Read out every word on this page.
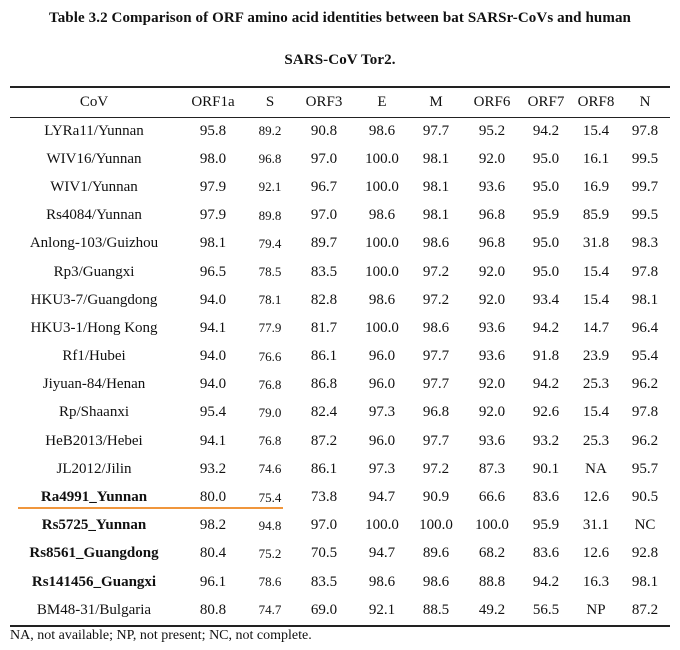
Table 3.2 Comparison of ORF amino acid identities between bat SARSr-CoVs and human
SARS-CoV Tor2.
CoV	ORF1a	S	ORF3	E	M	ORF6	ORF7	ORF8	N
LYRa11/Yunnan	95.8	89.2	90.8	98.6	97.7	95.2	94.2	15.4	97.8
WIV16/Yunnan	98.0	96.8	97.0	100.0	98.1	92.0	95.0	16.1	99.5
WIV1/Yunnan	97.9	92.1	96.7	100.0	98.1	93.6	95.0	16.9	99.7
Rs4084/Yunnan	97.9	89.8	97.0	98.6	98.1	96.8	95.9	85.9	99.5
Anlong-103/Guizhou	98.1	79.4	89.7	100.0	98.6	96.8	95.0	31.8	98.3
Rp3/Guangxi	96.5	78.5	83.5	100.0	97.2	92.0	95.0	15.4	97.8
HKU3-7/Guangdong	94.0	78.1	82.8	98.6	97.2	92.0	93.4	15.4	98.1
HKU3-1/Hong Kong	94.1	77.9	81.7	100.0	98.6	93.6	94.2	14.7	96.4
Rf1/Hubei	94.0	76.6	86.1	96.0	97.7	93.6	91.8	23.9	95.4
Jiyuan-84/Henan	94.0	76.8	86.8	96.0	97.7	92.0	94.2	25.3	96.2
Rp/Shaanxi	95.4	79.0	82.4	97.3	96.8	92.0	92.6	15.4	97.8
HeB2013/Hebei	94.1	76.8	87.2	96.0	97.7	93.6	93.2	25.3	96.2
JL2012/Jilin	93.2	74.6	86.1	97.3	97.2	87.3	90.1	NA	95.7
Ra4991_Yunnan	80.0	75.4	73.8	94.7	90.9	66.6	83.6	12.6	90.5
Rs5725_Yunnan	98.2	94.8	97.0	100.0	100.0	100.0	95.9	31.1	NC
Rs8561_Guangdong	80.4	75.2	70.5	94.7	89.6	68.2	83.6	12.6	92.8
Rs141456_Guangxi	96.1	78.6	83.5	98.6	98.6	88.8	94.2	16.3	98.1
BM48-31/Bulgaria	80.8	74.7	69.0	92.1	88.5	49.2	56.5	NP	87.2
NA, not available; NP, not present; NC, not complete.
